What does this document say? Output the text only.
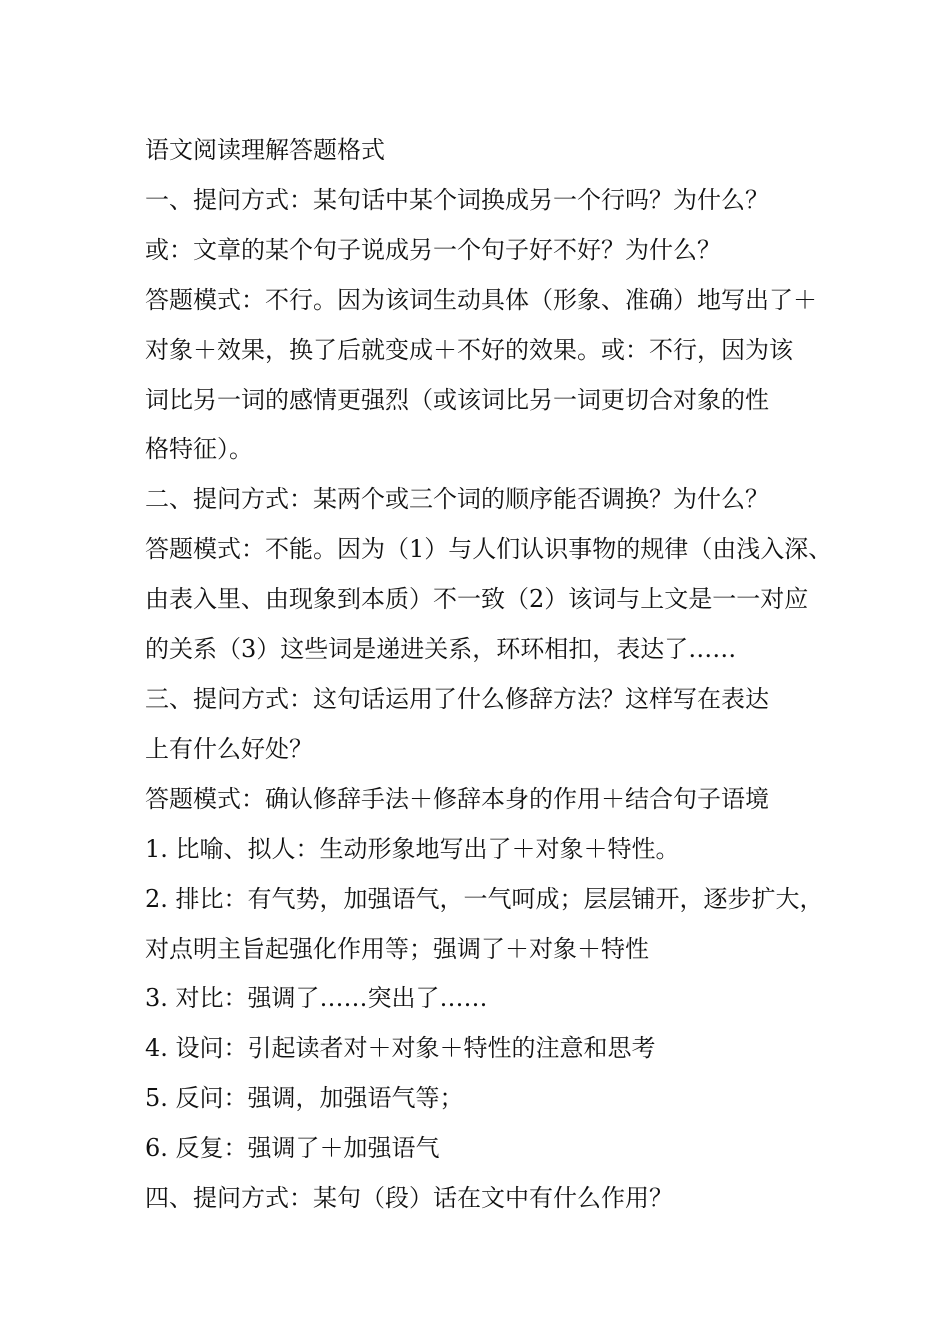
语文阅读理解答题格式
一、提问方式：某句话中某个词换成另一个行吗？为什么？
或：文章的某个句子说成另一个句子好不好？为什么？
答题模式：不行。因为该词生动具体（形象、准确）地写出了＋
对象＋效果，换了后就变成＋不好的效果。或：不行，因为该
词比另一词的感情更强烈（或该词比另一词更切合对象的性
格特征）。
二、提问方式：某两个或三个词的顺序能否调换？为什么？
答题模式：不能。因为（1）与人们认识事物的规律（由浅入深、
由表入里、由现象到本质）不一致（2）该词与上文是一一对应
的关系（3）这些词是递进关系，环环相扣，表达了……
三、提问方式：这句话运用了什么修辞方法？这样写在表达
上有什么好处？
答题模式：确认修辞手法＋修辞本身的作用＋结合句子语境
1. 比喻、拟人：生动形象地写出了＋对象＋特性。
2. 排比：有气势，加强语气，一气呵成；层层铺开，逐步扩大，
对点明主旨起强化作用等；强调了＋对象＋特性
3. 对比：强调了……突出了……
4. 设问：引起读者对＋对象＋特性的注意和思考
5. 反问：强调，加强语气等；
6. 反复：强调了＋加强语气
四、提问方式：某句（段）话在文中有什么作用？
